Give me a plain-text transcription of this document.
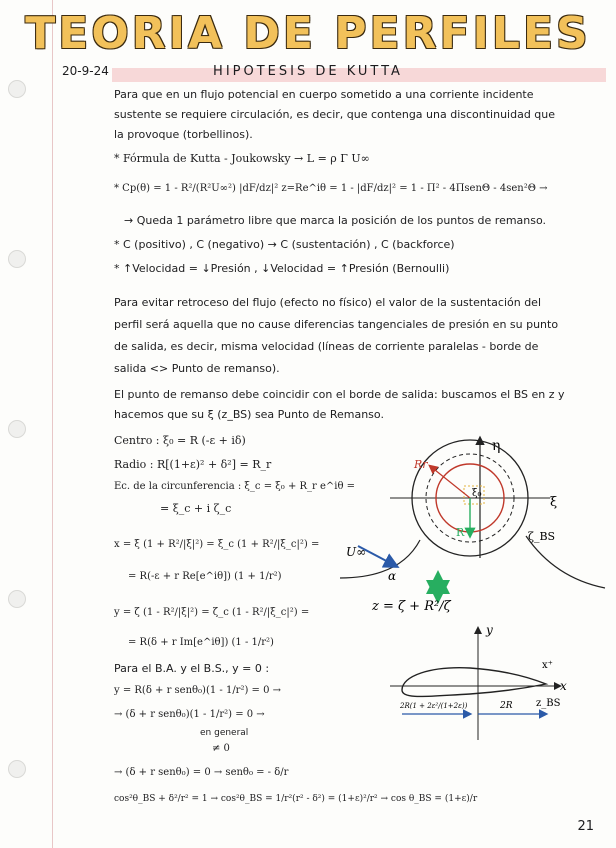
TEORIA DE PERFILES
20-9-24	HIPOTESIS DE KUTTA
Para que en un flujo potencial en cuerpo sometido a una corriente incidente
sustente se requiere circulación, es decir, que contenga una discontinuidad que
la provoque (torbellinos).
* Fórmula de Kutta - Joukowsky → L = ρ Γ U∞
* Cp(θ) = 1 - R²/(R²U∞²) |dF/dz|² z=Re^iθ = 1 - |dF/dz|² = 1 - Π² - 4ΠsenΘ - 4sen²Θ →
→ Queda 1 parámetro libre que marca la posición de los puntos de remanso.
* C (positivo) , C (negativo) → C (sustentación) , C (backforce)
* ↑Velocidad = ↓Presión , ↓Velocidad = ↑Presión (Bernoulli)
Para evitar retroceso del flujo (efecto no físico) el valor de la sustentación del
perfil será aquella que no cause diferencias tangenciales de presión en su punto
de salida, es decir, misma velocidad (líneas de corriente paralelas - borde de
salida <> Punto de remanso).
El punto de remanso debe coincidir con el borde de salida: buscamos el BS en z y
hacemos que su ξ (z_BS) sea Punto de Remanso.
Centro : ξ₀ = R (-ε + iδ)
Radio : R[(1+ε)² + δ²] = R_r
Ec. de la circunferencia : ξ_c = ξ₀ + R_r e^iθ =
= ξ_c + i ζ_c
x = ξ (1 + R²/|ξ|²) = ξ_c (1 + R²/|ξ_c|²) =
= R(-ε + r Re[e^iθ]) (1 + 1/r²)
y = ζ (1 - R²/|ξ|²) = ζ_c (1 - R²/|ξ_c|²) =
= R(δ + r Im[e^iθ]) (1 - 1/r²)
Para el B.A. y el B.S., y = 0 :
y = R(δ + r senθ₀)(1 - 1/r²) = 0 →
→ (δ + r senθ₀)(1 - 1/r²) = 0 →
en general
≠ 0
→ (δ + r senθ₀) = 0 → senθ₀ = - δ/r
cos²θ_BS + δ²/r² = 1 → cos²θ_BS = 1/r²(r² - δ²) = (1+ε)²/r² → cos θ_BS = (1+ε)/r
η
ξ
Rr
ξ₀
R	ζ_BS
U∞
α
z = ζ + R²/ζ
y
x
x⁺
z_BS
2R(1 + 2ε²/(1+2ε))	2R
21
